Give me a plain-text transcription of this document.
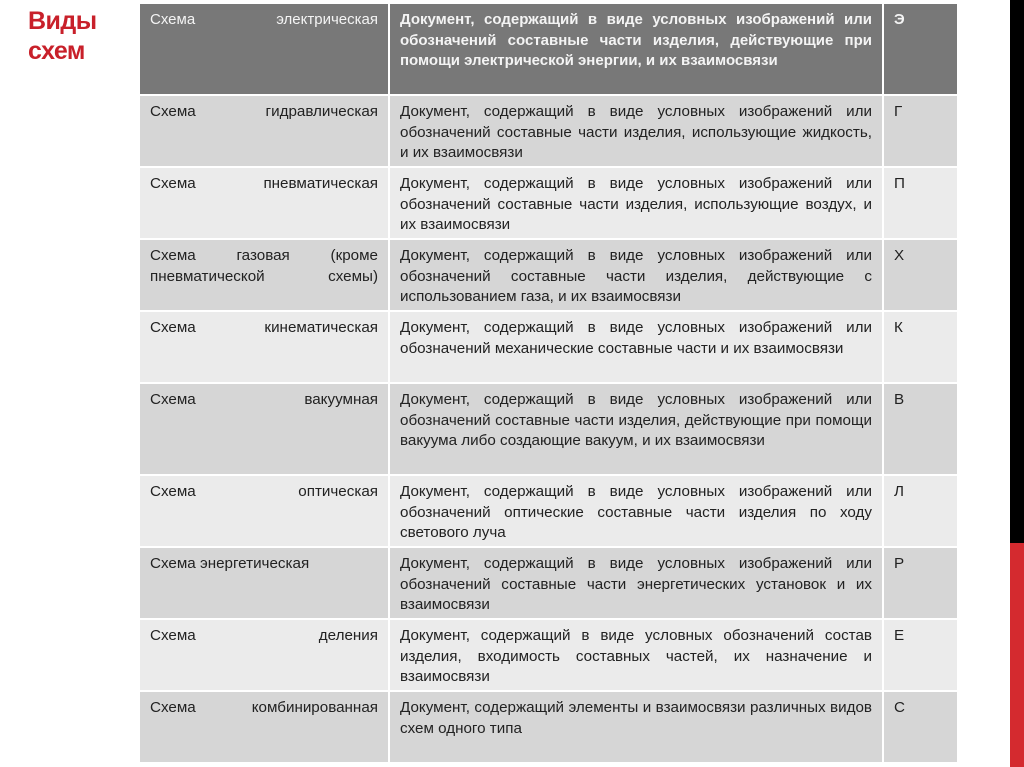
Виды
схем
Схема электрическая	Документ, содержащий в виде условных изображений или обозначений составные части изделия, действующие при помощи электрической энергии, и их взаимосвязи	Э
Схема гидравлическая	Документ, содержащий в виде условных изображений или обозначений составные части изделия, использующие жидкость, и их взаимосвязи	Г
Схема пневматическая	Документ, содержащий в виде условных изображений или обозначений составные части изделия, использующие воздух, и их взаимосвязи	П
Схема газовая (кроме пневматической схемы)	Документ, содержащий в виде условных изображений или обозначений составные части изделия, действующие с использованием газа, и их взаимосвязи	Х
Схема кинематическая	Документ, содержащий в виде условных изображений или обозначений механические составные части и их взаимосвязи	К
Схема вакуумная	Документ, содержащий в виде условных изображений или обозначений составные части изделия, действующие при помощи вакуума либо создающие вакуум, и их взаимосвязи	В
Схема оптическая	Документ, содержащий в виде условных изображений или обозначений оптические составные части изделия по ходу светового луча	Л
Схема энергетическая	Документ, содержащий в виде условных изображений или обозначений составные части энергетических установок и их взаимосвязи	Р
Схема деления	Документ, содержащий в виде условных обозначений состав изделия, входимость составных частей, их назначение и взаимосвязи	Е
Схема комбинированная	Документ, содержащий элементы и взаимосвязи различных видов схем одного типа	С
